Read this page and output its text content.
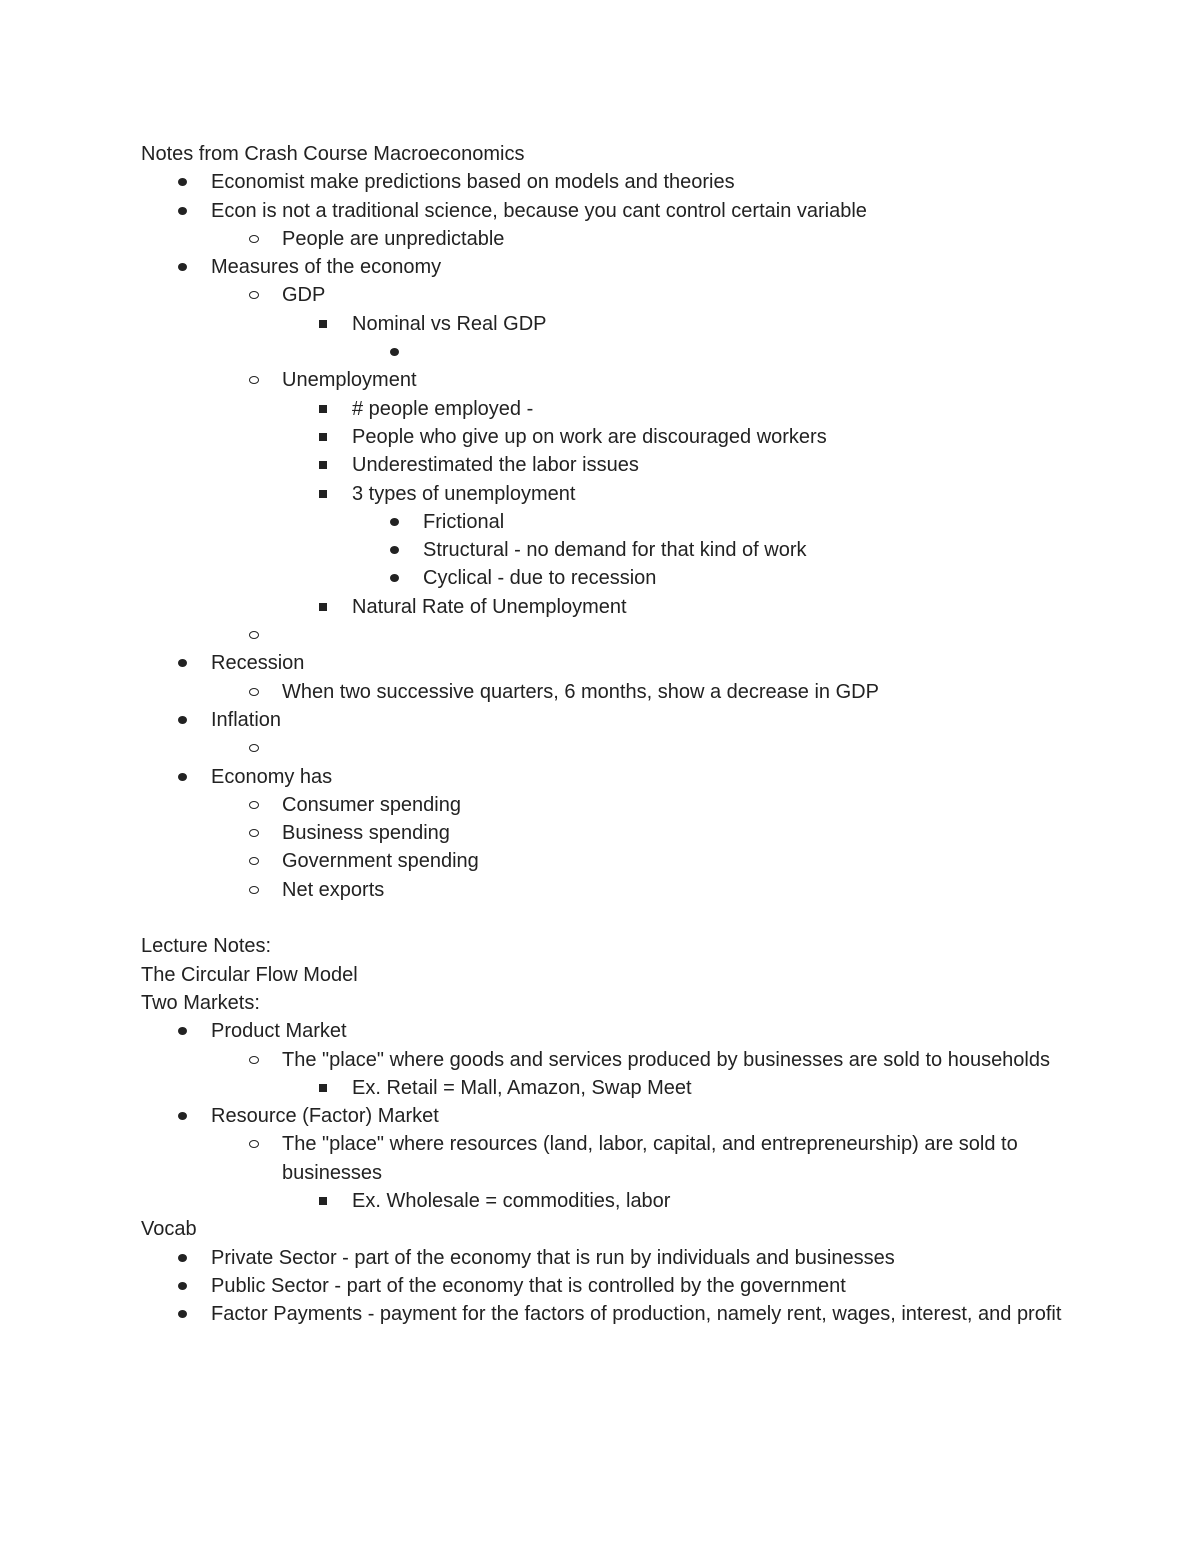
Notes from Crash Course Macroeconomics

Economist make predictions based on models and theories
Econ is not a traditional science, because you cant control certain variable
People are unpredictable
Measures of the economy
GDP
Nominal vs Real GDP
Unemployment
# people employed -
People who give up on work are discouraged workers
Underestimated the labor issues
3 types of unemployment
Frictional
Structural - no demand for that kind of work
Cyclical - due to recession
Natural Rate of Unemployment
Recession
When two successive quarters, 6 months, show a decrease in GDP
Inflation
Economy has
Consumer spending
Business spending
Government spending
Net exports

Lecture Notes:

The Circular Flow Model

Two Markets:

Product Market
The "place" where goods and services produced by businesses are sold to households
Ex. Retail = Mall, Amazon, Swap Meet
Resource (Factor) Market
The "place" where resources (land, labor, capital, and entrepreneurship) are sold to businesses
Ex. Wholesale = commodities, labor

Vocab

Private Sector - part of the economy that is run by individuals and businesses
Public Sector - part of the economy that is controlled by the government
Factor Payments - payment for the factors of production, namely rent, wages, interest, and profit
